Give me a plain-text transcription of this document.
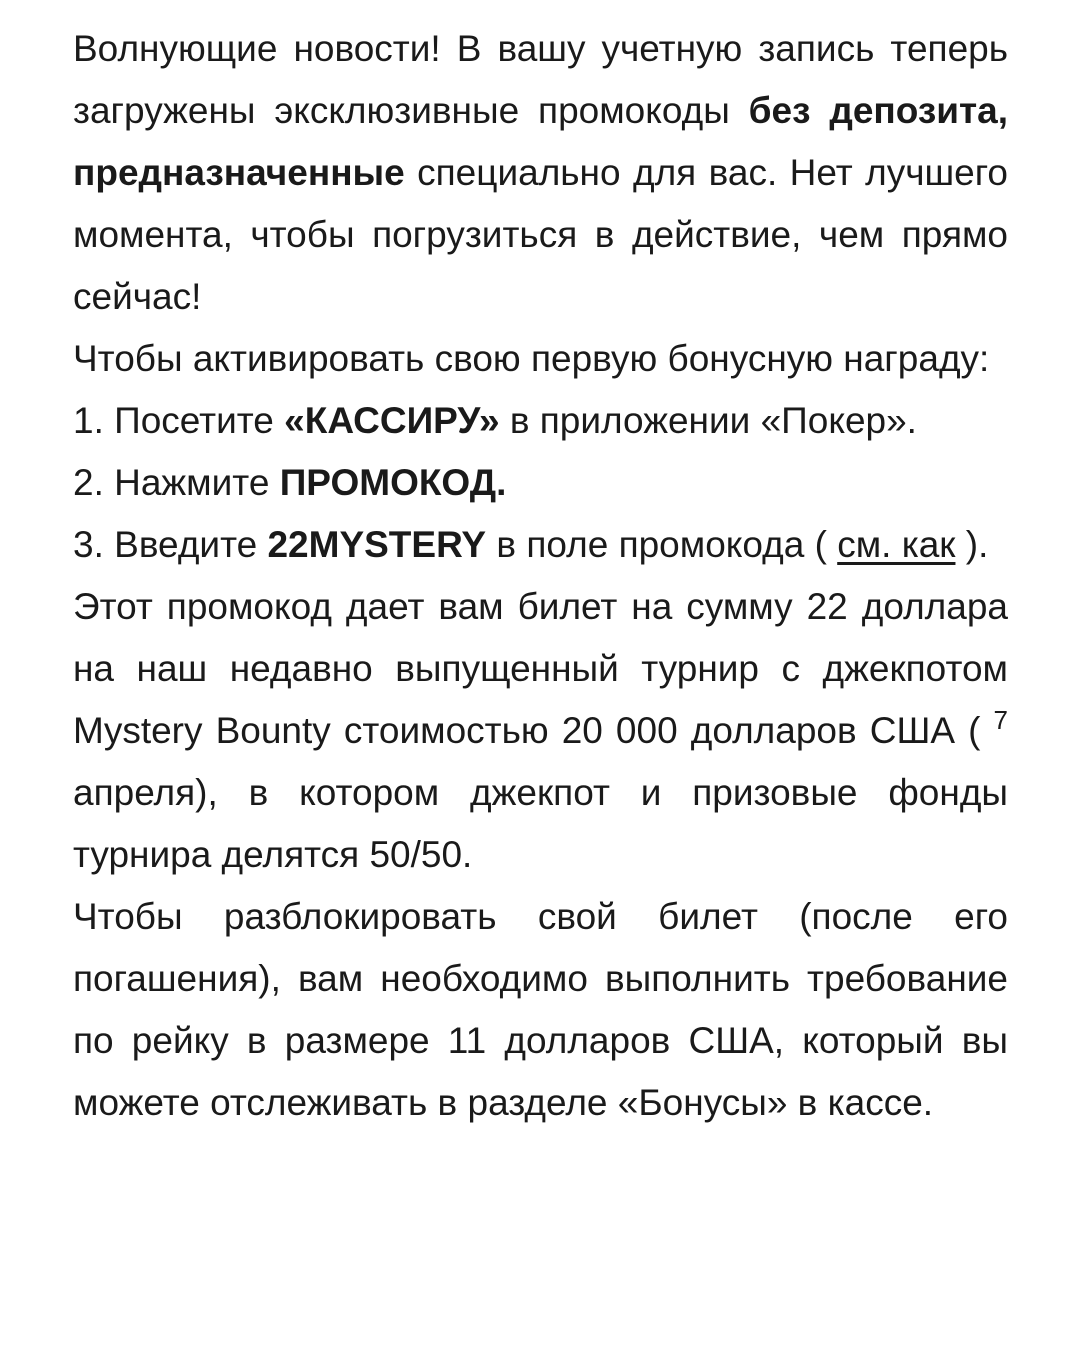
Волнующие новости! В вашу учетную запись теперь загружены эксклюзивные промокоды без депозита, предназначенные специально для вас. Нет лучшего момента, чтобы погрузиться в действие, чем прямо сейчас!

Чтобы активировать свою первую бонусную награду:

1. Посетите «КАССИРУ» в приложении «Покер».

2. Нажмите ПРОМОКОД.

3. Введите 22MYSTERY в поле промокода ( см. как ).

Этот промокод дает вам билет на сумму 22 доллара на наш недавно выпущенный турнир с джекпотом Mystery Bounty стоимостью 20 000 долларов США ( $^7$ апреля), в котором джекпот и призовые фонды турнира делятся 50/50.

Чтобы разблокировать свой билет (после его погашения), вам необходимо выполнить требование по рейку в размере 11 долларов США, который вы можете отслеживать в разделе «Бонусы» в кассе.
